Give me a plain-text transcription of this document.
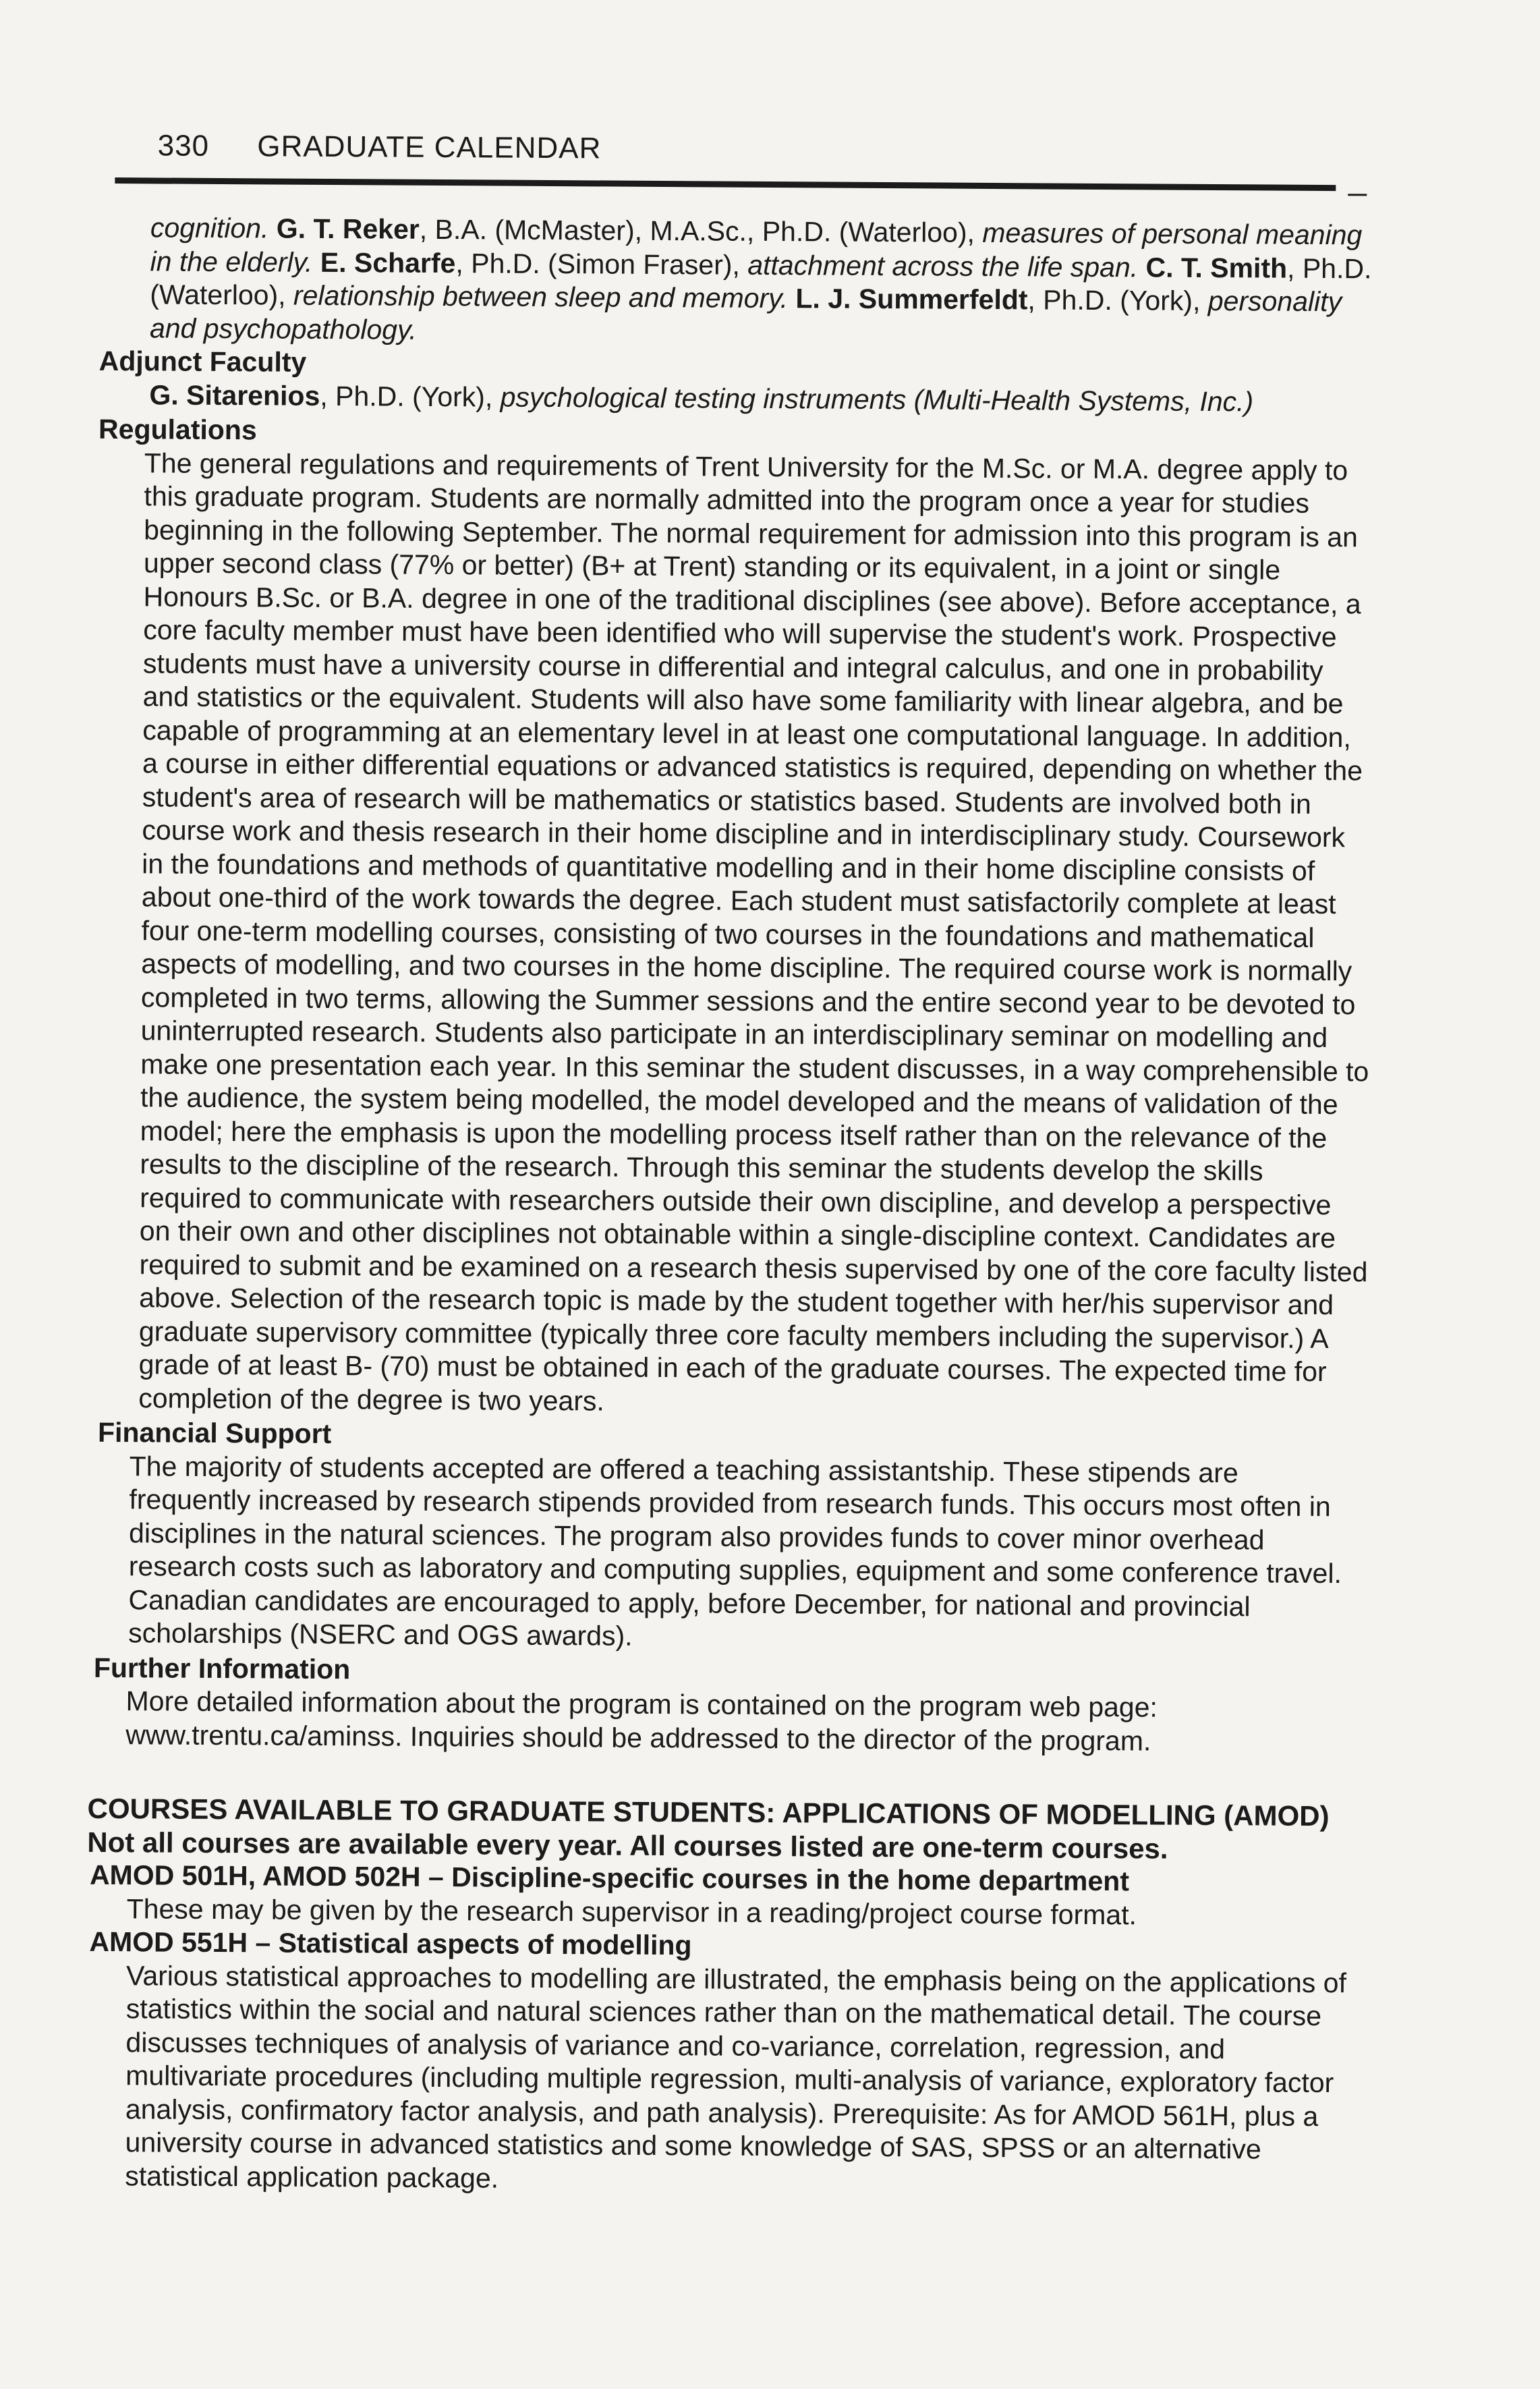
330 GRADUATE CALENDAR

cognition. G. T. Reker, B.A. (McMaster), M.A.Sc., Ph.D. (Waterloo), measures of personal meaning in the elderly. E. Scharfe, Ph.D. (Simon Fraser), attachment across the life span. C. T. Smith, Ph.D. (Waterloo), relationship between sleep and memory. L. J. Summerfeldt, Ph.D. (York), personality and psychopathology.

Adjunct Faculty

G. Sitarenios, Ph.D. (York), psychological testing instruments (Multi-Health Systems, Inc.)

Regulations

The general regulations and requirements of Trent University for the M.Sc. or M.A. degree apply to this graduate program. Students are normally admitted into the program once a year for studies beginning in the following September. The normal requirement for admission into this program is an upper second class (77% or better) (B+ at Trent) standing or its equivalent, in a joint or single Honours B.Sc. or B.A. degree in one of the traditional disciplines (see above). Before acceptance, a core faculty member must have been identified who will supervise the student's work. Prospective students must have a university course in differential and integral calculus, and one in probability and statistics or the equivalent. Students will also have some familiarity with linear algebra, and be capable of programming at an elementary level in at least one computational language. In addition, a course in either differential equations or advanced statistics is required, depending on whether the student's area of research will be mathematics or statistics based. Students are involved both in course work and thesis research in their home discipline and in interdisciplinary study. Coursework in the foundations and methods of quantitative modelling and in their home discipline consists of about one-third of the work towards the degree. Each student must satisfactorily complete at least four one-term modelling courses, consisting of two courses in the foundations and mathematical aspects of modelling, and two courses in the home discipline. The required course work is normally completed in two terms, allowing the Summer sessions and the entire second year to be devoted to uninterrupted research. Students also participate in an interdisciplinary seminar on modelling and make one presentation each year. In this seminar the student discusses, in a way comprehensible to the audience, the system being modelled, the model developed and the means of validation of the model; here the emphasis is upon the modelling process itself rather than on the relevance of the results to the discipline of the research. Through this seminar the students develop the skills required to communicate with researchers outside their own discipline, and develop a perspective on their own and other disciplines not obtainable within a single-discipline context. Candidates are required to submit and be examined on a research thesis supervised by one of the core faculty listed above. Selection of the research topic is made by the student together with her/his supervisor and graduate supervisory committee (typically three core faculty members including the supervisor.) A grade of at least B- (70) must be obtained in each of the graduate courses. The expected time for completion of the degree is two years.

Financial Support

The majority of students accepted are offered a teaching assistantship. These stipends are frequently increased by research stipends provided from research funds. This occurs most often in disciplines in the natural sciences. The program also provides funds to cover minor overhead research costs such as laboratory and computing supplies, equipment and some conference travel. Canadian candidates are encouraged to apply, before December, for national and provincial scholarships (NSERC and OGS awards).

Further Information

More detailed information about the program is contained on the program web page: www.trentu.ca/aminss. Inquiries should be addressed to the director of the program.

COURSES AVAILABLE TO GRADUATE STUDENTS: APPLICATIONS OF MODELLING (AMOD)

Not all courses are available every year. All courses listed are one-term courses.

AMOD 501H, AMOD 502H – Discipline-specific courses in the home department

These may be given by the research supervisor in a reading/project course format.

AMOD 551H – Statistical aspects of modelling

Various statistical approaches to modelling are illustrated, the emphasis being on the applications of statistics within the social and natural sciences rather than on the mathematical detail. The course discusses techniques of analysis of variance and co-variance, correlation, regression, and multivariate procedures (including multiple regression, multi-analysis of variance, exploratory factor analysis, confirmatory factor analysis, and path analysis). Prerequisite: As for AMOD 561H, plus a university course in advanced statistics and some knowledge of SAS, SPSS or an alternative statistical application package.
